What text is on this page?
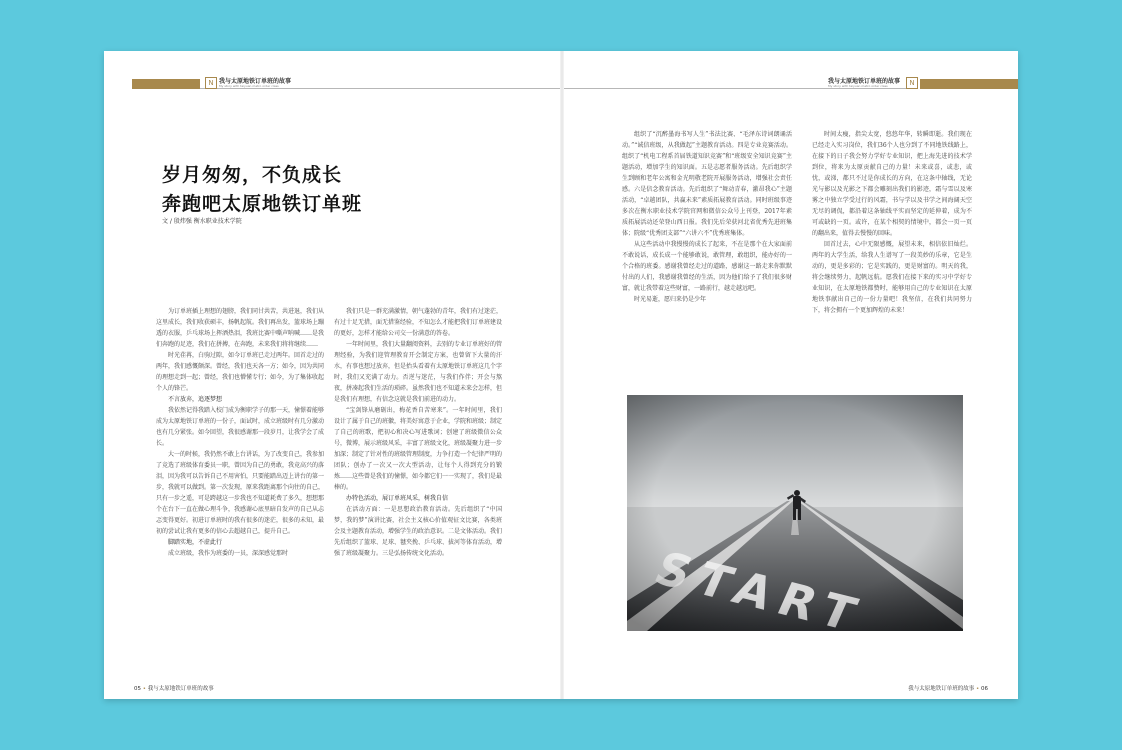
N 我与太原地铁订单班的故事
My story with taiyuan metro order class
我与太原地铁订单班的故事
My story with taiyuan metro order class	N
岁月匆匆，不负成长
奔跑吧太原地铁订单班
文 / 殷炜强 衡水职业技术学院

为订单班插上理想的翅膀，我们同甘共苦，共进退，我们从这里成长，我们收获硕丰，扬帆起航。我们再出发，篮球场上蹦透的衣服，乒乓球场上挥洒热泪，我班比赛中嘶声呐喊……是我们奔跑的足迹，我们在拼搏，在奔跑，未来我们将将继续……

时光荏苒，白驹过隙，如今订单班已走过两年。回首走过的两年，我们感慨颇深。曾经，我们也天各一方；如今，因为共同的理想走到一起；曾经，我们也懵懂专行；如今，为了集体收起个人的锋芒。

不言放弃，追逐梦想

我依然记得我踏入校门成为衡职学子的那一天，憧憬着能够成为太原地铁订单班的一份子，面试时，成立班级时有几分激动也有几分紧张。如今回望，我很感谢那一段岁月，让我学会了成长。

大一的时候，我仍然不敢上台讲话，为了改变自己，我参加了竞选了班级体育委员一职，曾因为自己的勇敢，我竟高兴的落泪，因为我可以告诉自己不用害怕，只要能踏出迈上讲台的第一步，我就可以做到。第一次发现，原来我距离那个向往的自己，只有一步之遥，可是跨越这一步我也不知道耗费了多久，想想那个在台下一直在做心理斗争，我感谢心底里暗自发声的自己从忐忑变得更好。初进订单班时的我有很多的迷茫，很多的未知，最初的尝试让我有更多的信心去超越自己，提升自己。

脚踏实地，不虚此行

成立班级，我作为班委的一员，深深感觉那时

我们只是一群充满激情，朝气蓬勃的青年，我们有过迷茫，有过十足无措，面无措鉴经验，不知怎么才能把我们订单班建设的更好，怎样才能给公司交一份满意的答卷。

一年时间里，我们大量翻阅资料，去别的专业订单班好的管理经验，为我们迎管理教育开会制定方案，也曾留下大量的汗水，有事也想过放弃，但是抬头看着有太原地铁订单班这几个字时，我们又充满了动力。否逆与迷茫，与我们作伴；开会与熬夜，拼凑起我们生活的琐碎。虽然我们也不知道未来会怎样，但是我们有理想，有信念这就是我们前进的动力。

“宝剑锋从磨砺出，梅花香自苦寒来”。一年时间里，我们设计了属于自己的班徽，将美好寓意于企业，学院和班级；制定了自己的班歌，把初心和决心写进歌词；创建了班级微信公众号，微博，展示班级风采，丰富了班级文化，班级凝聚力进一步加深；制定了针对性的班级管理制度，力争打造一个纪律严明的团队；创办了一次又一次大型活动，让每个人得到充分的锻炼……这些曾是我们的憧憬，如今都它们一一实现了，我们是最棒的。

办特色活动，展订单班风采，树我自信

在活动方面：一是思想政治教育活动。先后组织了“中国梦，我的梦”演讲比赛，社会主义核心价值观征文比赛，各类班会及主题教育活动，增强学生的政治意识。二是文体活动。我们先后组织了篮球、足球、毽夹挽、乒乓球、拔河等体育活动，增强了班级凝聚力。三是弘扬传统文化活动。

组织了“沉醉墨海书写人生”书法比赛、“毛泽东诗词朗诵活动。”“诚信班级，从我做起”主题教育活动。四是专业竞赛活动。组织了“机电工程系首届铁道知识竞赛”和“班级安全知识竞赛”主题活动，增加学生的知识面。五是志愿者服务活动。先后组织学生到顾和老年公寓和金光明敬老院开展服务活动，增强社会责任感。六是信念教育活动。先后组织了“舞动青春，激昂我心”主题活动，“卓越团队，共赢未来”素质拓展教育活动。同时班级事迹多次在衡水职业技术学院官网和微信公众号上刊登，2017年素质拓展活动还荣登山西日报。我们先后荣获河北省优秀先进班集体；院级“优秀团支部”“六讲六不”优秀班集体。

从这些活动中我慢慢的成长了起来，不在是那个在大家面前不敢说话，成长成一个能够敢说，敢管理，敢组织，能办好的一个合格的班委。感谢我曾经走过的道路，感谢这一路走来你默默付出的人们，我感谢我曾经的生活，因为他们给予了我们很多财富，就让我带着这些财富，一路前行，越走越远吧。

时光易逝，愿归来仍是少年

时间太瘦，指尖太宽，悠悠年华，转瞬即逝。我们现在已经走入实习岗位，我们36个人也分到了不同地铁线路上，在接下的日子我会努力学好专业知识，把上海先进的技术学到位，将来为太原贡献自己的力量！未来或喜，或悲，或忧，或涕，都只不过是你成长的方向，在这条中轴线，无论光与影以及光影之下都会雕刻出我们的影迹，霜与雪以及寒雾之中独立学受过行的风霜，书与学以及书学之间海阔天空无尽的调侃，都沿着这条轴线平实而坚定的延伸着，成为不可或缺的一页。或许，在某个相契的情境中，都会一页一页的翻出来，值得去慢慢的回味。

回首过去，心中无限感慨，展望未来，相信依旧灿烂。两年的大学生活，给我人生谱写了一段美妙的乐章，它是生动的，更是多彩的；它是实践的，更是财富的。明天的我，将会继续努力，起帆远航。愿我们在接下来的实习中学好专业知识，在太原地铁都赞时，能够用自己的专业知识在太原地铁事献出自己的一份力量吧！我坚信，在我们共同努力下，将会拥有一个更加辉煌的未来！

05 • 我与太原地铁订单班的故事	我与太原地铁订单班的故事 • 06
